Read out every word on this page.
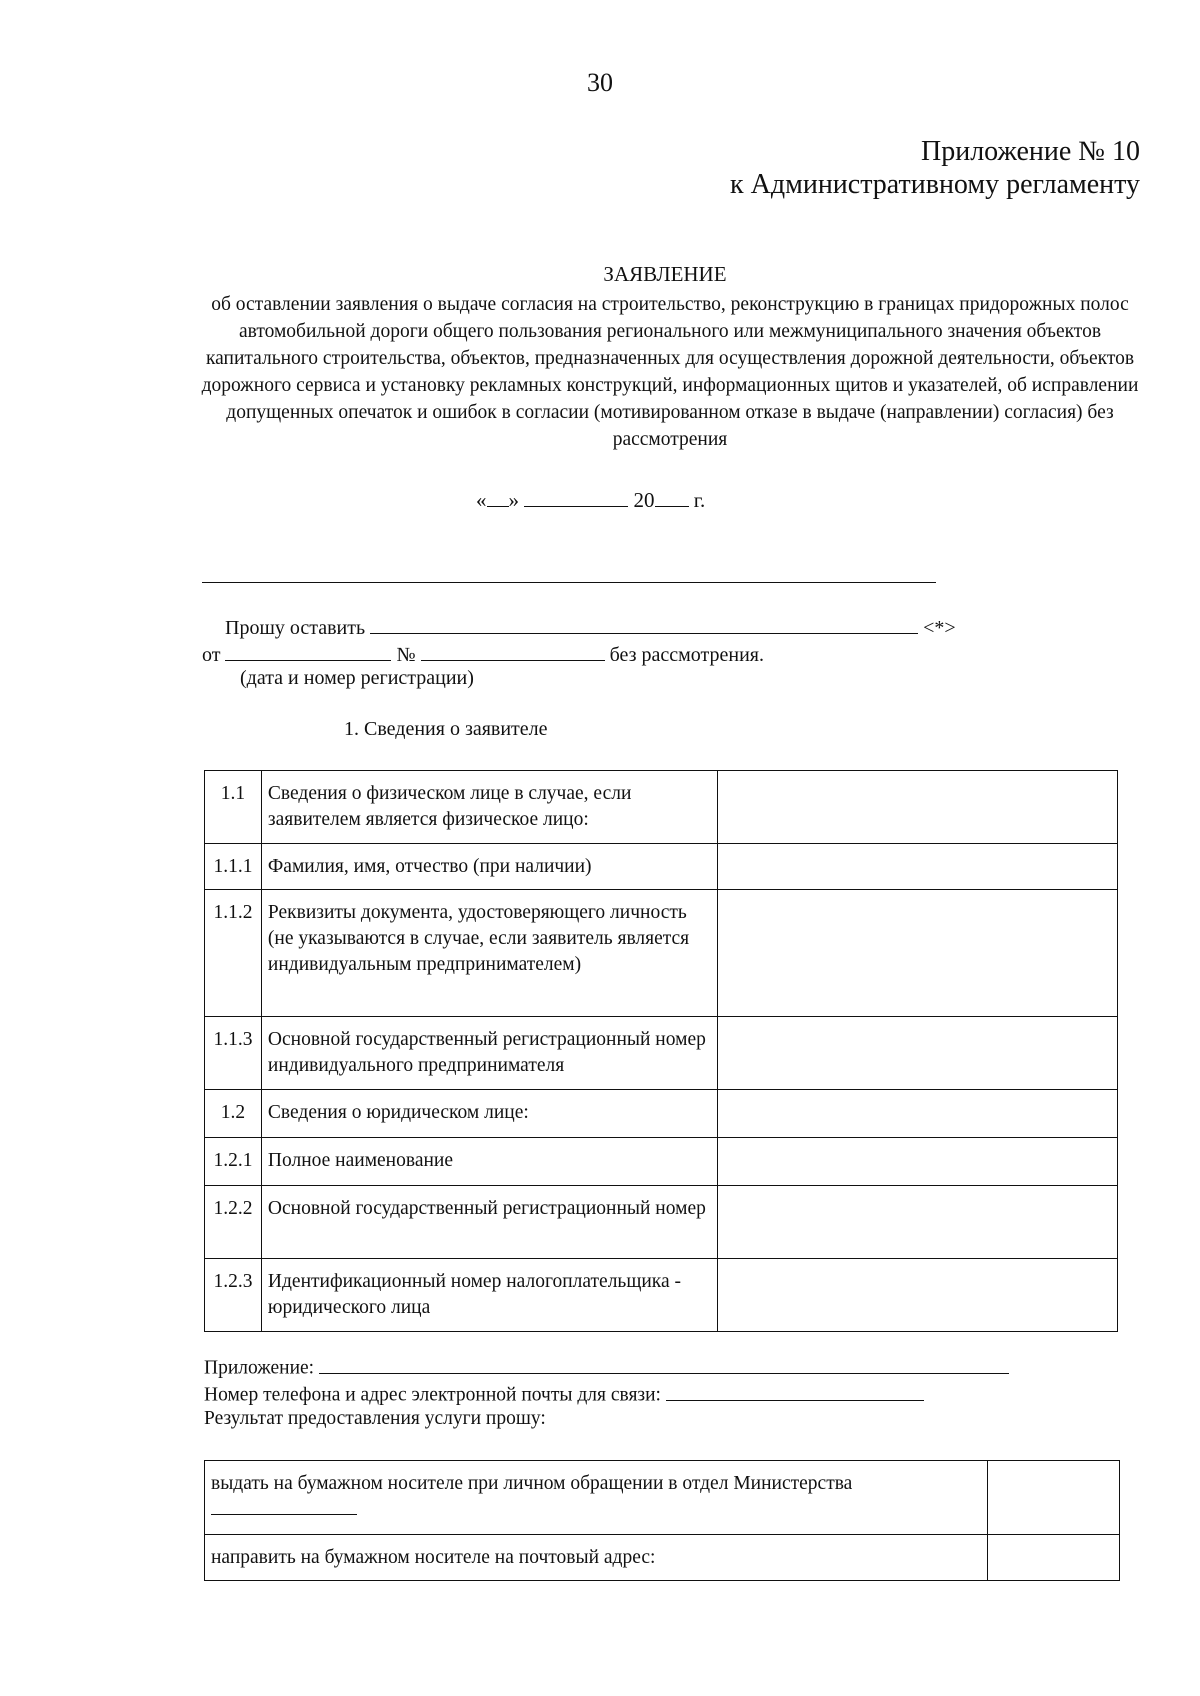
30
Приложение № 10
к Административному регламенту
ЗАЯВЛЕНИЕ
об оставлении заявления о выдаче согласия на строительство, реконструкцию в границах придорожных полос автомобильной дороги общего пользования регионального или межмуниципального значения объектов капитального строительства, объектов, предназначенных для осуществления дорожной деятельности, объектов дорожного сервиса и установку рекламных конструкций, информационных щитов и указателей, об исправлении допущенных опечаток и ошибок в согласии (мотивированном отказе в выдаче (направлении) согласия) без рассмотрения
« »	20 г.
Прошу оставить	<*>
от	№	без рассмотрения.
(дата и номер регистрации)
1. Сведения о заявителе
1.1	Сведения о физическом лице в случае, если заявителем является физическое лицо:	
1.1.1	Фамилия, имя, отчество (при наличии)	
1.1.2	Реквизиты документа, удостоверяющего личность (не указываются в случае, если заявитель является индивидуальным предпринимателем)	
1.1.3	Основной государственный регистрационный номер индивидуального предпринимателя	
1.2	Сведения о юридическом лице:	
1.2.1	Полное наименование	
1.2.2	Основной государственный регистрационный номер	
1.2.3	Идентификационный номер налогоплательщика - юридического лица	
Приложение:
Номер телефона и адрес электронной почты для связи:
Результат предоставления услуги прошу:
выдать на бумажном носителе при личном обращении в отдел Министерства	

направить на бумажном носителе на почтовый адрес:	
